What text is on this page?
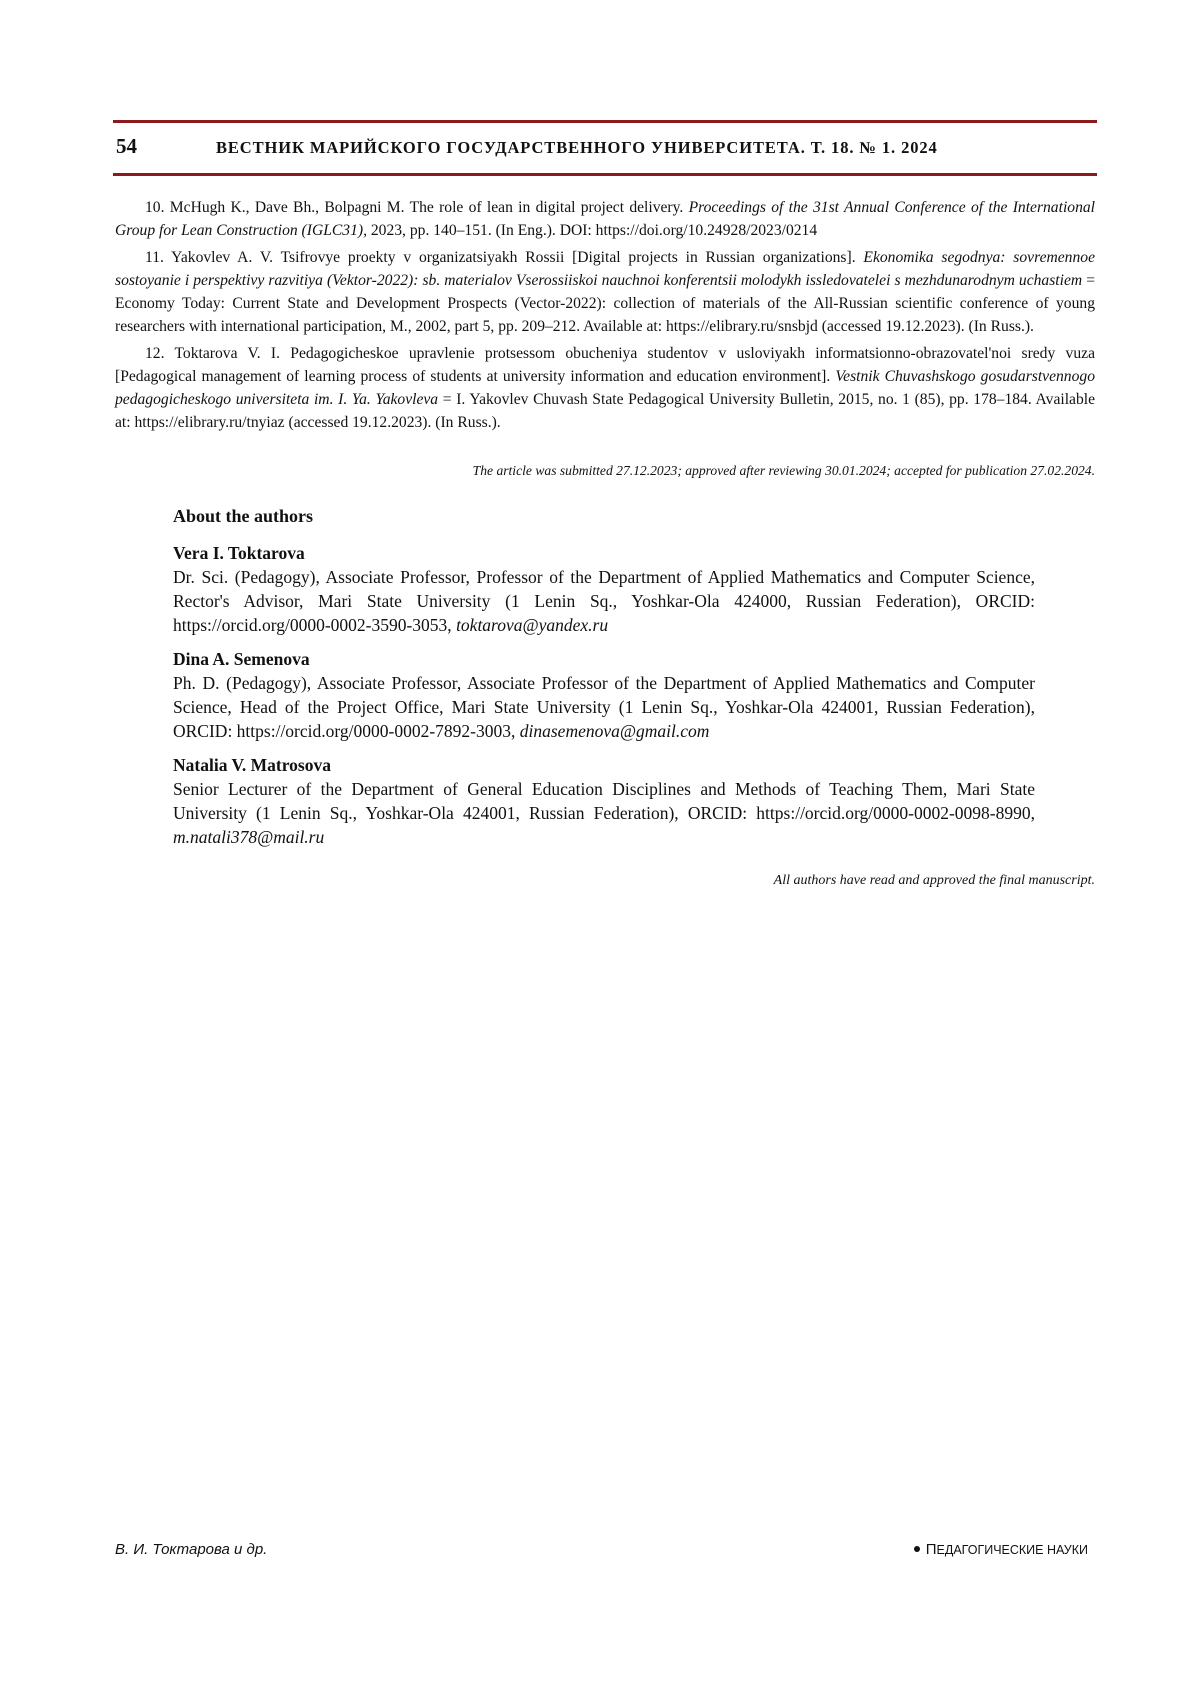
54	ВЕСТНИК МАРИЙСКОГО ГОСУДАРСТВЕННОГО УНИВЕРСИТЕТА. Т. 18. № 1. 2024

10. McHugh K., Dave Bh., Bolpagni M. The role of lean in digital project delivery. Proceedings of the 31st Annual Conference of the International Group for Lean Construction (IGLC31), 2023, pp. 140–151. (In Eng.). DOI: https://doi.org/10.24928/2023/0214

11. Yakovlev A. V. Tsifrovye proekty v organizatsiyakh Rossii [Digital projects in Russian organizations]. Ekonomika segodnya: sovremennoe sostoyanie i perspektivy razvitiya (Vektor-2022): sb. materialov Vserossiiskoi nauchnoi konferentsii molodykh issledovatelei s mezhdunarodnym uchastiem = Economy Today: Current State and Development Prospects (Vector-2022): collection of materials of the All-Russian scientific conference of young researchers with international participation, M., 2002, part 5, pp. 209–212. Available at: https://elibrary.ru/snsbjd (accessed 19.12.2023). (In Russ.).

12. Toktarova V. I. Pedagogicheskoe upravlenie protsessom obucheniya studentov v usloviyakh informatsionno-obrazovatel'noi sredy vuza [Pedagogical management of learning process of students at university information and education environment]. Vestnik Chuvashskogo gosudarstvennogo pedagogicheskogo universiteta im. I. Ya. Yakovleva = I. Yakovlev Chuvash State Pedagogical University Bulletin, 2015, no. 1 (85), pp. 178–184. Available at: https://elibrary.ru/tnyiaz (accessed 19.12.2023). (In Russ.).

The article was submitted 27.12.2023; approved after reviewing 30.01.2024; accepted for publication 27.02.2024.
About the authors
Vera I. Toktarova
Dr. Sci. (Pedagogy), Associate Professor, Professor of the Department of Applied Mathematics and Computer Science, Rector's Advisor, Mari State University (1 Lenin Sq., Yoshkar-Ola 424000, Russian Federation), ORCID: https://orcid.org/0000-0002-3590-3053, toktarova@yandex.ru
Dina A. Semenova
Ph. D. (Pedagogy), Associate Professor, Associate Professor of the Department of Applied Mathematics and Computer Science, Head of the Project Office, Mari State University (1 Lenin Sq., Yoshkar-Ola 424001, Russian Federation), ORCID: https://orcid.org/0000-0002-7892-3003, dinasemenova@gmail.com
Natalia V. Matrosova
Senior Lecturer of the Department of General Education Disciplines and Methods of Teaching Them, Mari State University (1 Lenin Sq., Yoshkar-Ola 424001, Russian Federation), ORCID: https://orcid.org/0000-0002-0098-8990, m.natali378@mail.ru
All authors have read and approved the final manuscript.
В. И. Токтарова и др.	ПЕДАГОГИЧЕСКИЕ НАУКИ
